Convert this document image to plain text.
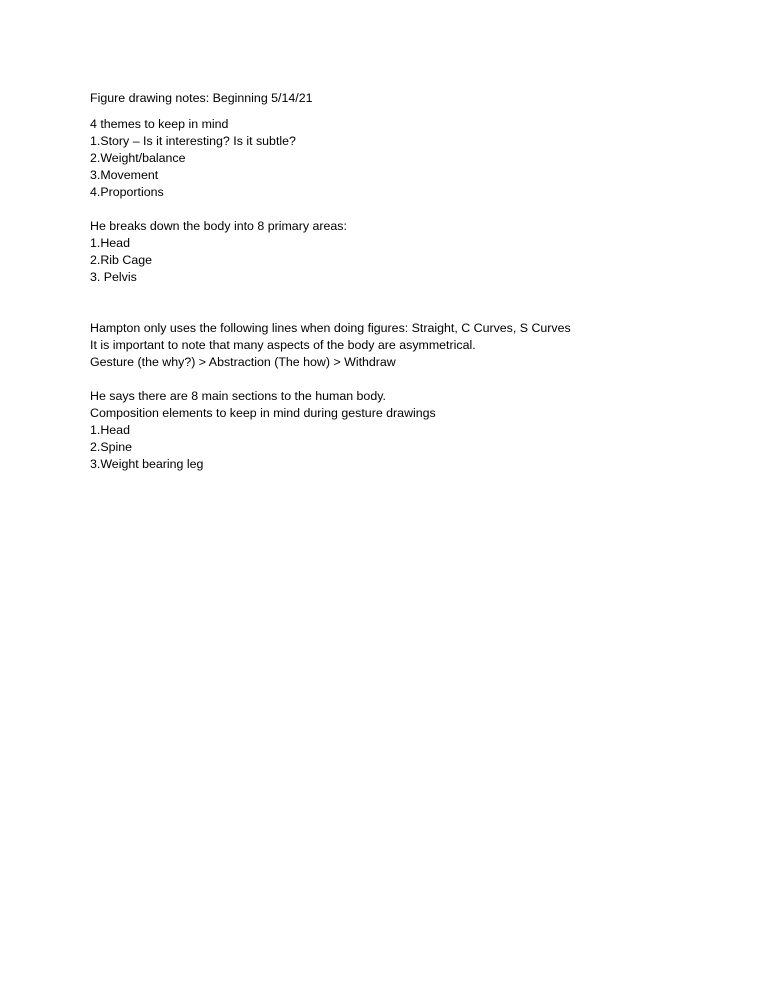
Figure drawing notes: Beginning 5/14/21

4 themes to keep in mind

1.Story – Is it interesting? Is it subtle?

2.Weight/balance

3.Movement

4.Proportions

He breaks down the body into 8 primary areas:

1.Head

2.Rib Cage

3. Pelvis

Hampton only uses the following lines when doing figures: Straight, C Curves, S Curves

It is important to note that many aspects of the body are asymmetrical.

Gesture (the why?) > Abstraction (The how) > Withdraw

He says there are 8 main sections to the human body.

Composition elements to keep in mind during gesture drawings

1.Head

2.Spine

3.Weight bearing leg
